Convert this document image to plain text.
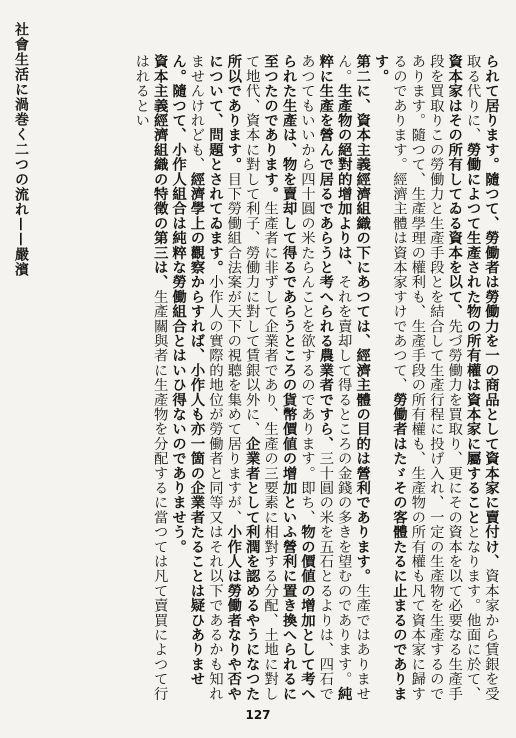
社會生活に渦巻く二つの流れ——嚴濱	られて居ります。隨つて、勞働者は勞働力を一の商品として資本家に賣付け、資本家から賃銀を受取る代りに、勞働によつて生產された物の所有權は資本家に屬することとなります。他面に於て、資本家はその所有してゐる資本を以て、先づ勞働力を買取り、更にその資本を以て必要なる生產手段を買取りこの勞働力と生產手段とを結合して生產行程に投げ入れ、一定の生產物を生產するのであります。隨つて、生產學理の權利も、生產手段の所有權も、生產物の所有權も凡て資本家に歸するのであります。經濟主體は資本家すけであつて、勞働者はたゞその客體たるに止まるのであります。

第二に、資本主義經濟組織の下にあつては、經濟主體の目的は營利であります。生產ではありません。生產物の絕對的增加よりは、それを賣却して得るところの金錢の多きを望むのであります。純粹に生產を營んで居るであらうと考へられる農業者ですら、三十圓の米を五石とるよりは、四石であつてもいいから四十圓の米たらんことを欲するのであります。即ち、物の價値の增加として考へられた生產は、物を賣却して得るであらうところの貨幣價値の增加といふ營利に置き換へられるに至つたのであります。生產者に非ずして企業者であり、生產の三要素に相對する分配、土地に對して地代、資本に對して利子、勞働力に對して賃銀以外に、企業者として利潤を認めるやうになつた所以であります。目下勞働組合法案が天下の視聽を集めて居りますが、小作人は勞働者なりや否やについて、問題とされてゐます。小作人の實際的地位が勞働者と同等又はそれ以下であるかも知れませんけれども、經濟學上の觀察からすれば、小作人も亦一箇の企業者たることは疑ひありません。隨つて、小作人組合は純粹な勞働組合とはいひ得ないのでありませう。

資本主義經濟組織の特徵の第三は、生產關與者に生產物を分配するに當つては凡て賣買によつて行はれるとい

127
